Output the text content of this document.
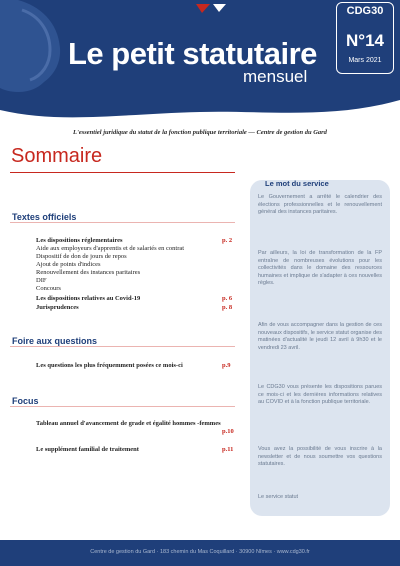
Le petit statutaire
mensuel
CDG30
N°14
Mars 2021
L'essentiel juridique du statut de la fonction publique territoriale — Centre de gestion du Gard
Sommaire
Textes officiels
Les dispositions réglementaires	p. 2
Aide aux employeurs d'apprentis et de salariés en contrat
Dispositif de don de jours de repos
Ajout de points d'indices
Renouvellement des instances paritaires
DIF
Concours
Les dispositions relatives au Covid-19	p. 6
Jurisprudences	p. 8
Foire aux questions
Les questions les plus fréquemment posées ce mois-ci	p.9
Focus
Tableau annuel d'avancement de grade et égalité hommes -femmes
p.10
Le supplément familial de traitement	p.11
Le mot du service
Le Gouvernement a arrêté le calendrier des élections professionnelles et le renouvellement général des instances paritaires.
Par ailleurs, la loi de transformation de la FP entraîne de nombreuses évolutions pour les collectivités dans le domaine des ressources humaines et implique de s'adapter à ces nouvelles règles.
Afin de vous accompagner dans la gestion de ces nouveaux dispositifs, le service statut organise des matinées d'actualité le jeudi 12 avril à 9h30 et le vendredi 23 avril.
Le CDG30 vous présente les dispositions parues ce mois-ci et les dernières informations relatives au COVID et à la fonction publique territoriale.
Vous avez la possibilité de vous inscrire à la newsletter et de nous soumettre vos questions statutaires.
Le service statut
Centre de gestion du Gard · 183 chemin du Mas Coquillard · 30900 Nîmes · www.cdg30.fr
